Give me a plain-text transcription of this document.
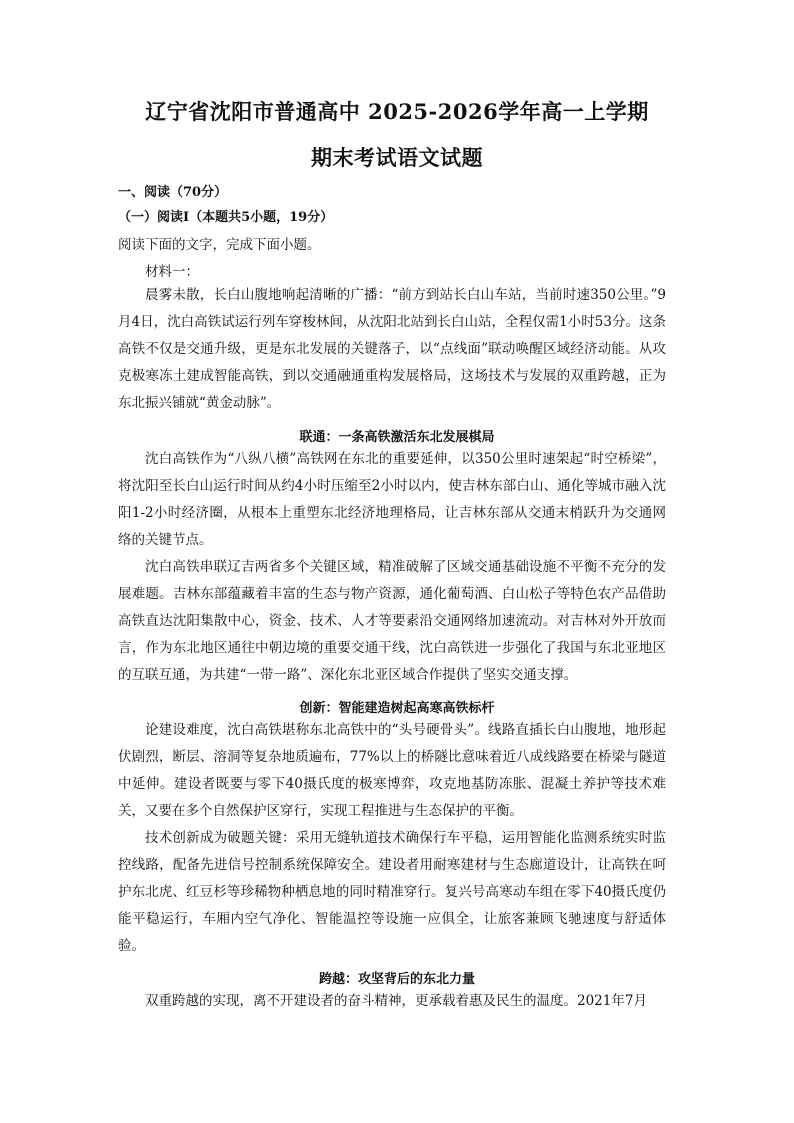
辽宁省沈阳市普通高中 2025-2026学年高一上学期
期末考试语文试题
一、阅读（70分）
（一）阅读Ⅰ（本题共5小题，19分）
阅读下面的文字，完成下面小题。
材料一：

晨雾未散，长白山腹地响起清晰的广播：“前方到站长白山车站，当前时速350公里。”9月4日，沈白高铁试运行列车穿梭林间，从沈阳北站到长白山站，全程仅需1小时53分。这条高铁不仅是交通升级，更是东北发展的关键落子，以“点线面”联动唤醒区域经济动能。从攻克极寒冻土建成智能高铁，到以交通融通重构发展格局，这场技术与发展的双重跨越，正为东北振兴铺就“黄金动脉”。

联通：一条高铁激活东北发展棋局

沈白高铁作为“八纵八横”高铁网在东北的重要延伸，以350公里时速架起“时空桥梁”，将沈阳至长白山运行时间从约4小时压缩至2小时以内，使吉林东部白山、通化等城市融入沈阳1-2小时经济圈，从根本上重塑东北经济地理格局，让吉林东部从交通末梢跃升为交通网络的关键节点。

沈白高铁串联辽吉两省多个关键区域，精准破解了区域交通基础设施不平衡不充分的发展难题。吉林东部蕴藏着丰富的生态与物产资源，通化葡萄酒、白山松子等特色农产品借助高铁直达沈阳集散中心，资金、技术、人才等要素沿交通网络加速流动。对吉林对外开放而言，作为东北地区通往中朝边境的重要交通干线，沈白高铁进一步强化了我国与东北亚地区的互联互通，为共建“一带一路”、深化东北亚区域合作提供了坚实交通支撑。

创新：智能建造树起高寒高铁标杆

论建设难度，沈白高铁堪称东北高铁中的“头号硬骨头”。线路直插长白山腹地，地形起伏剧烈，断层、溶洞等复杂地质遍布，77%以上的桥隧比意味着近八成线路要在桥梁与隧道中延伸。建设者既要与零下40摄氏度的极寒博弈，攻克地基防冻胀、混凝土养护等技术难关，又要在多个自然保护区穿行，实现工程推进与生态保护的平衡。

技术创新成为破题关键：采用无缝轨道技术确保行车平稳，运用智能化监测系统实时监控线路，配备先进信号控制系统保障安全。建设者用耐寒建材与生态廊道设计，让高铁在呵护东北虎、红豆杉等珍稀物种栖息地的同时精准穿行。复兴号高寒动车组在零下40摄氏度仍能平稳运行，车厢内空气净化、智能温控等设施一应俱全，让旅客兼顾飞驰速度与舒适体验。

跨越：攻坚背后的东北力量

双重跨越的实现，离不开建设者的奋斗精神，更承载着惠及民生的温度。2021年7月
